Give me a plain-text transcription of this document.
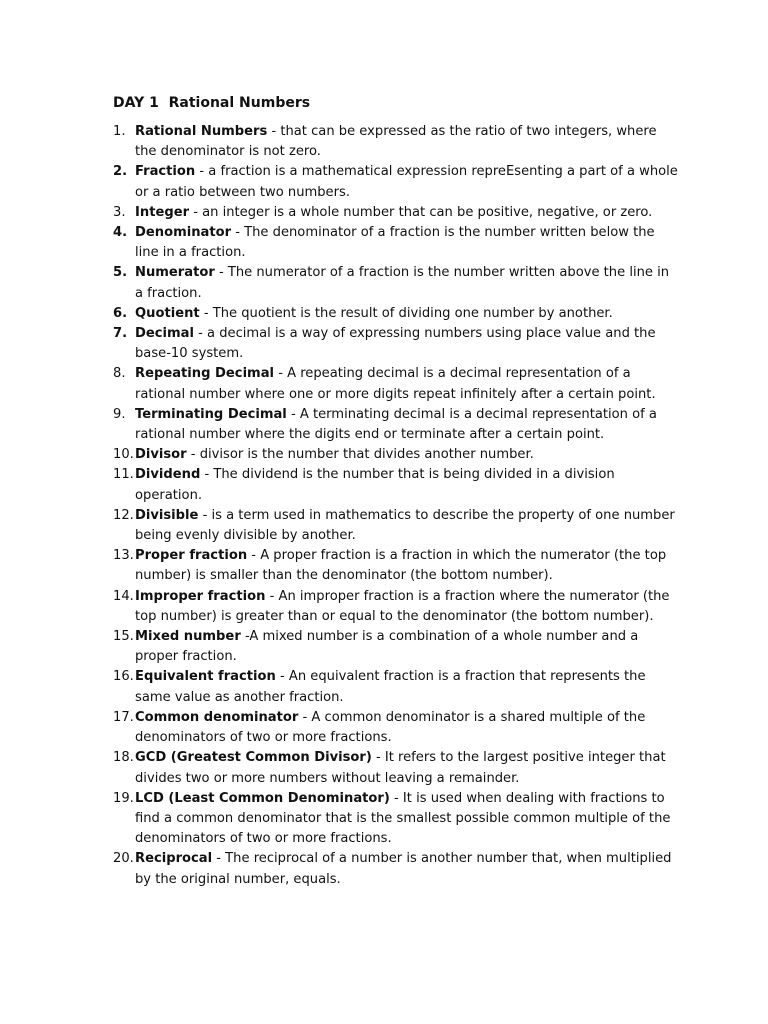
DAY 1  Rational Numbers
1. Rational Numbers - that can be expressed as the ratio of two integers, where the denominator is not zero.
2. Fraction - a fraction is a mathematical expression repreEsenting a part of a whole or a ratio between two numbers.
3. Integer - an integer is a whole number that can be positive, negative, or zero.
4. Denominator - The denominator of a fraction is the number written below the line in a fraction.
5. Numerator - The numerator of a fraction is the number written above the line in a fraction.
6. Quotient - The quotient is the result of dividing one number by another.
7. Decimal - a decimal is a way of expressing numbers using place value and the base-10 system.
8. Repeating Decimal - A repeating decimal is a decimal representation of a rational number where one or more digits repeat infinitely after a certain point.
9. Terminating Decimal - A terminating decimal is a decimal representation of a rational number where the digits end or terminate after a certain point.
10. Divisor - divisor is the number that divides another number.
11. Dividend - The dividend is the number that is being divided in a division operation.
12. Divisible - is a term used in mathematics to describe the property of one number being evenly divisible by another.
13. Proper fraction - A proper fraction is a fraction in which the numerator (the top number) is smaller than the denominator (the bottom number).
14. Improper fraction - An improper fraction is a fraction where the numerator (the top number) is greater than or equal to the denominator (the bottom number).
15. Mixed number -A mixed number is a combination of a whole number and a proper fraction.
16. Equivalent fraction - An equivalent fraction is a fraction that represents the same value as another fraction.
17. Common denominator - A common denominator is a shared multiple of the denominators of two or more fractions.
18. GCD (Greatest Common Divisor) - It refers to the largest positive integer that divides two or more numbers without leaving a remainder.
19. LCD (Least Common Denominator) - It is used when dealing with fractions to find a common denominator that is the smallest possible common multiple of the denominators of two or more fractions.
20. Reciprocal - The reciprocal of a number is another number that, when multiplied by the original number, equals.
